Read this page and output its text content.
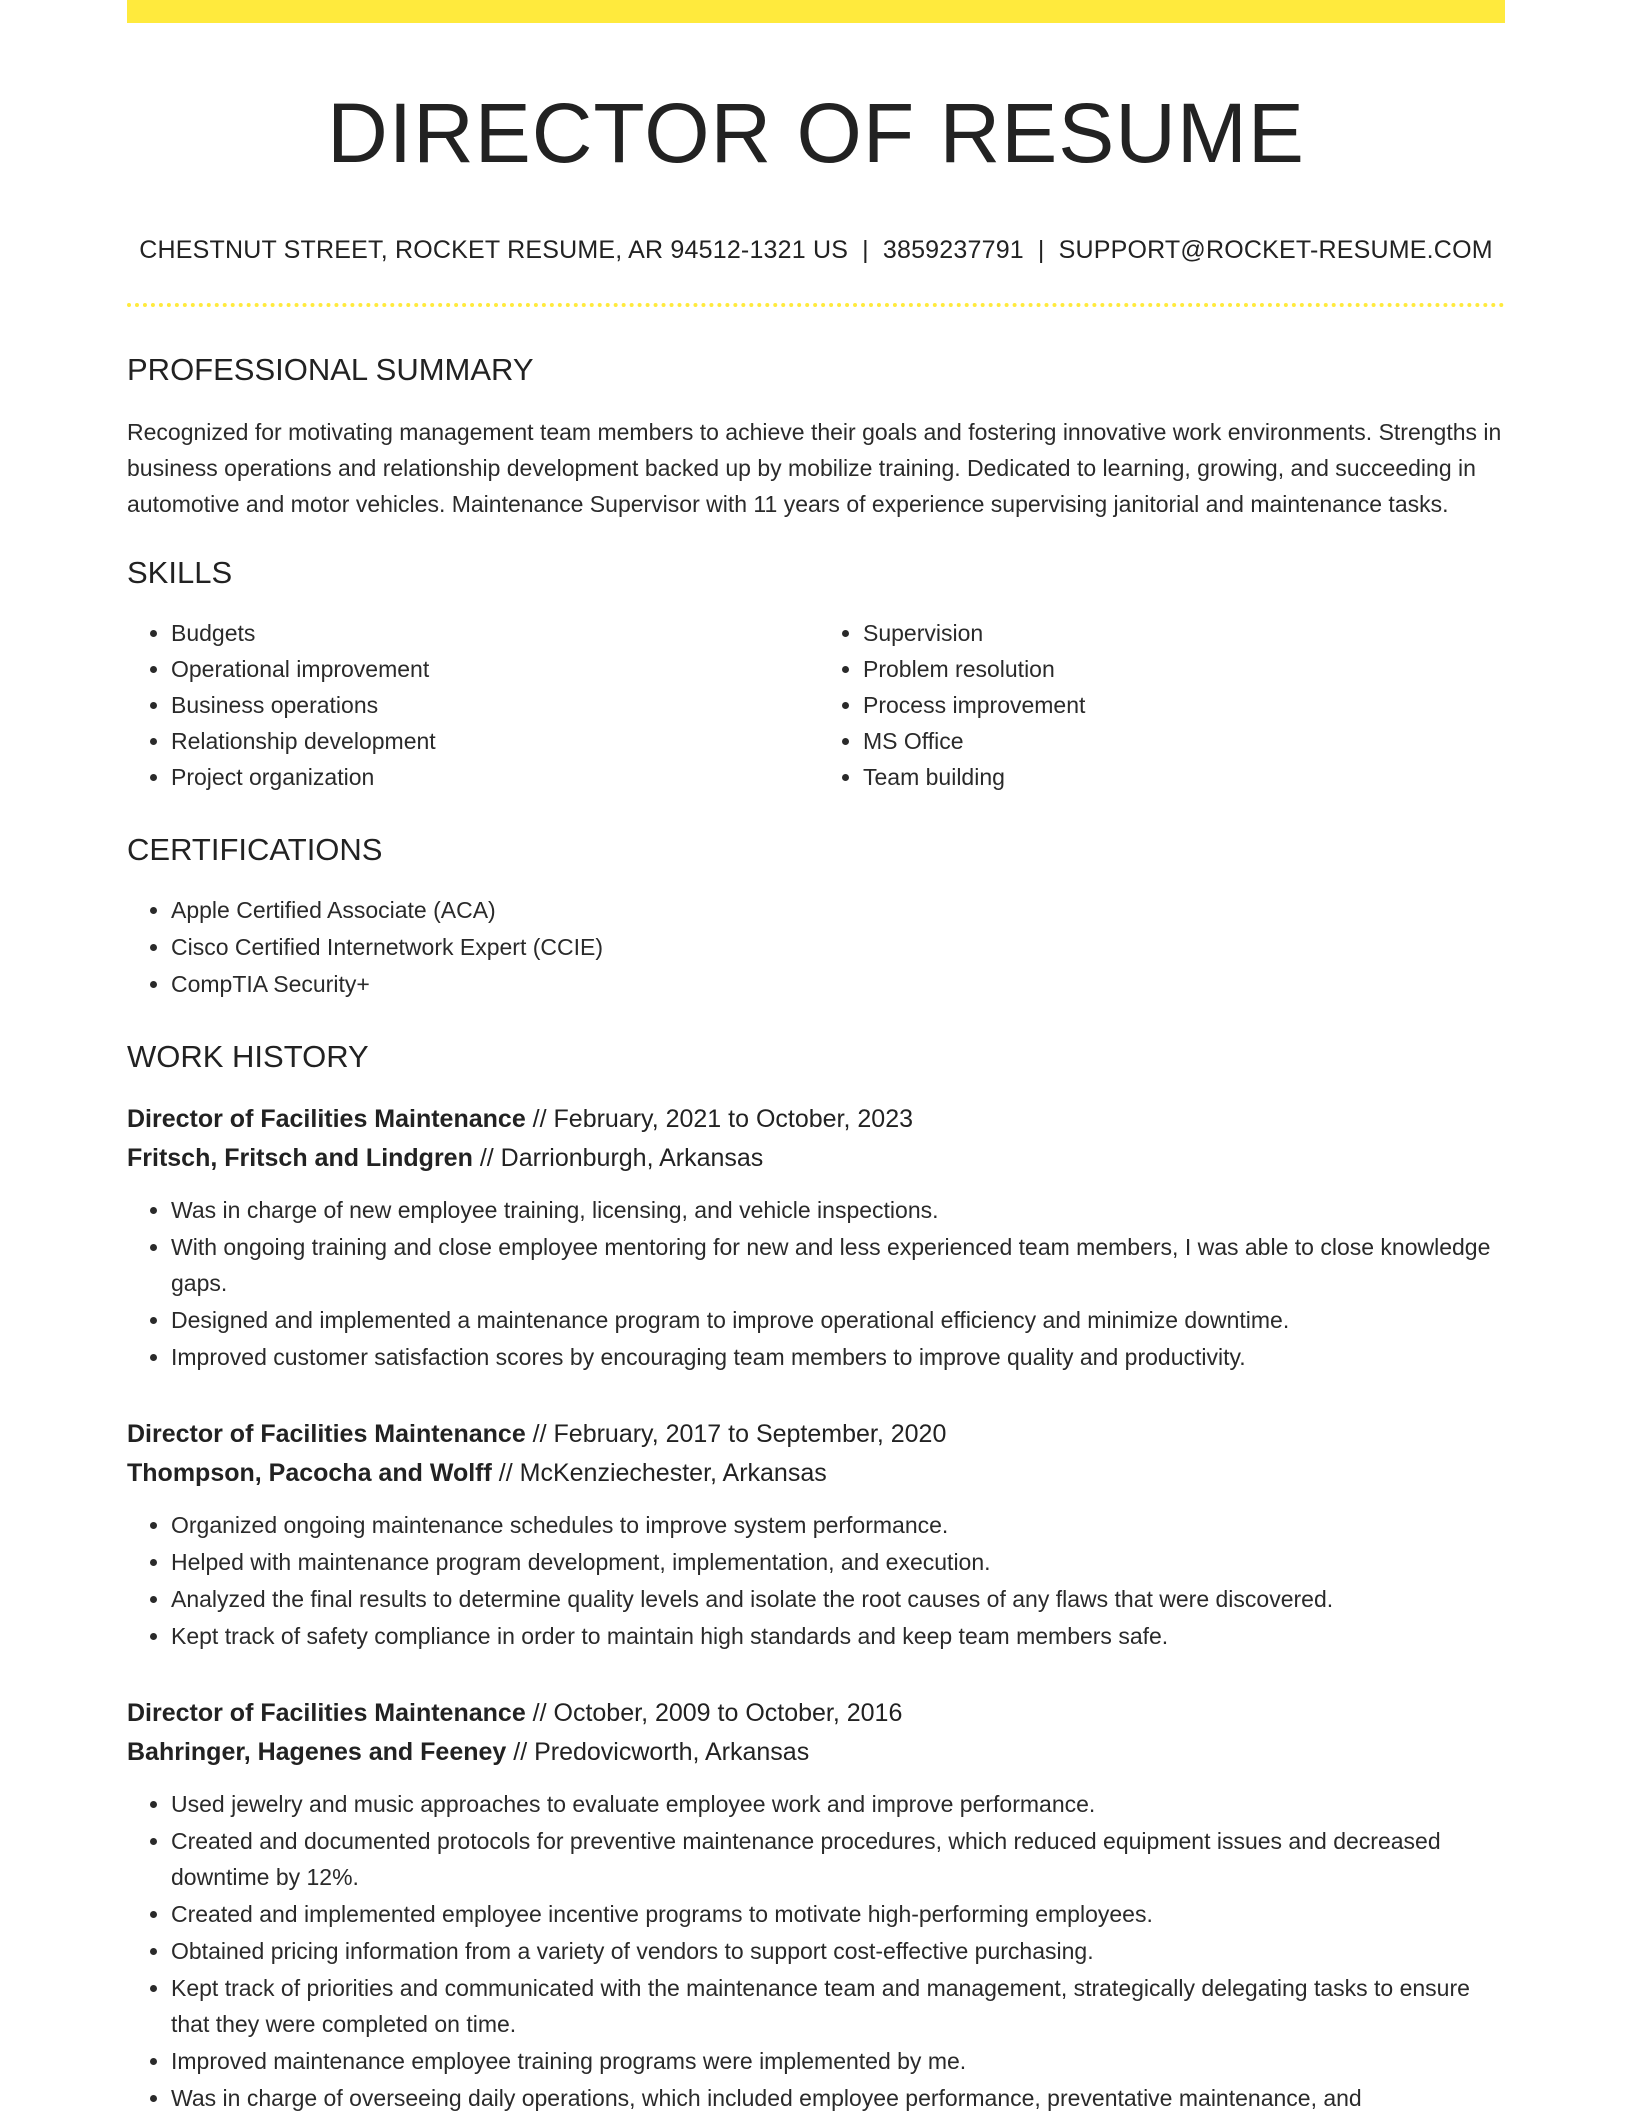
DIRECTOR OF RESUME
CHESTNUT STREET, ROCKET RESUME, AR 94512-1321 US | 3859237791 | SUPPORT@ROCKET-RESUME.COM
PROFESSIONAL SUMMARY

Recognized for motivating management team members to achieve their goals and fostering innovative work environments. Strengths in business operations and relationship development backed up by mobilize training. Dedicated to learning, growing, and succeeding in automotive and motor vehicles. Maintenance Supervisor with 11 years of experience supervising janitorial and maintenance tasks.

SKILLS
• Budgets
• Operational improvement
• Business operations
• Relationship development
• Project organization
• Supervision
• Problem resolution
• Process improvement
• MS Office
• Team building
CERTIFICATIONS
• Apple Certified Associate (ACA)
• Cisco Certified Internetwork Expert (CCIE)
• CompTIA Security+
WORK HISTORY
Director of Facilities Maintenance // February, 2021 to October, 2023
Fritsch, Fritsch and Lindgren // Darrionburgh, Arkansas
• Was in charge of new employee training, licensing, and vehicle inspections.
• With ongoing training and close employee mentoring for new and less experienced team members, I was able to close knowledge gaps.
• Designed and implemented a maintenance program to improve operational efficiency and minimize downtime.
• Improved customer satisfaction scores by encouraging team members to improve quality and productivity.
Director of Facilities Maintenance // February, 2017 to September, 2020
Thompson, Pacocha and Wolff // McKenziechester, Arkansas
• Organized ongoing maintenance schedules to improve system performance.
• Helped with maintenance program development, implementation, and execution.
• Analyzed the final results to determine quality levels and isolate the root causes of any flaws that were discovered.
• Kept track of safety compliance in order to maintain high standards and keep team members safe.
Director of Facilities Maintenance // October, 2009 to October, 2016
Bahringer, Hagenes and Feeney // Predovicworth, Arkansas
• Used jewelry and music approaches to evaluate employee work and improve performance.
• Created and documented protocols for preventive maintenance procedures, which reduced equipment issues and decreased downtime by 12%.
• Created and implemented employee incentive programs to motivate high-performing employees.
• Obtained pricing information from a variety of vendors to support cost-effective purchasing.
• Kept track of priorities and communicated with the maintenance team and management, strategically delegating tasks to ensure that they were completed on time.
• Improved maintenance employee training programs were implemented by me.
• Was in charge of overseeing daily operations, which included employee performance, preventative maintenance, and
